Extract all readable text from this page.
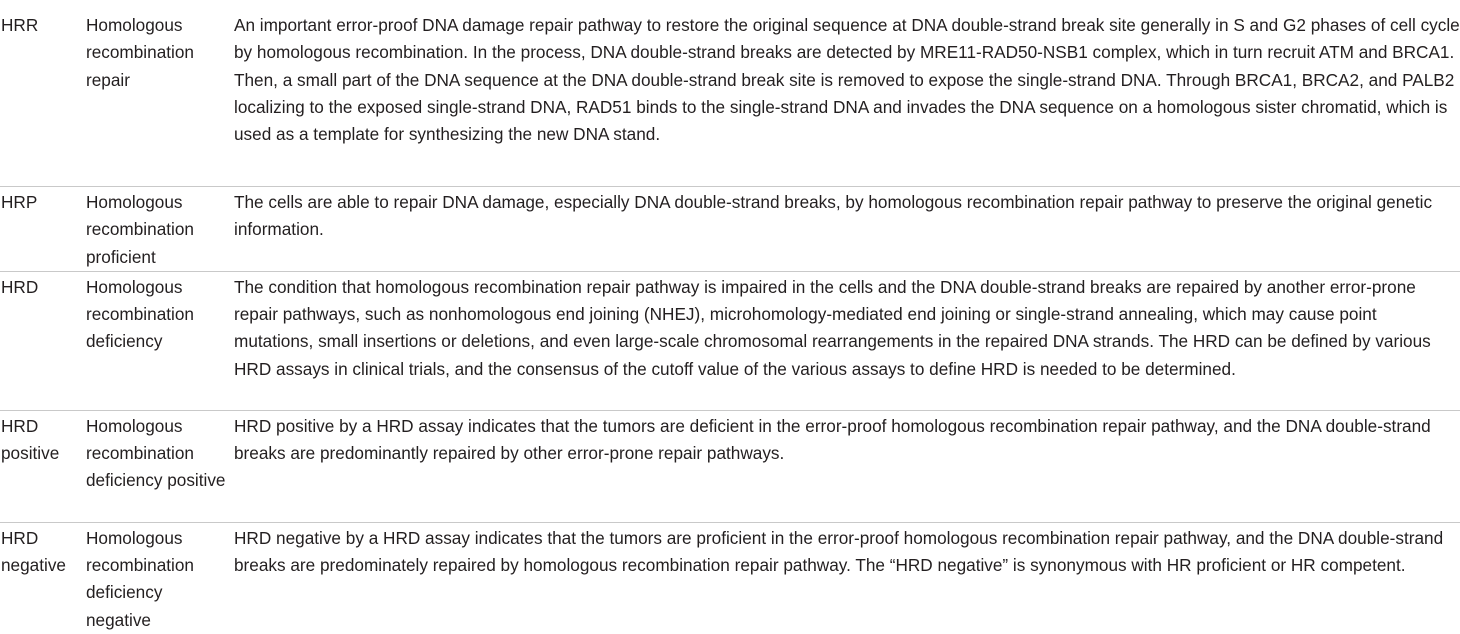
HRR	Homologous recombination repair	An important error-proof DNA damage repair pathway to restore the original sequence at DNA double-strand break site generally in S and G2 phases of cell cycle by homologous recombination. In the process, DNA double-strand breaks are detected by MRE11-RAD50-NSB1 complex, which in turn recruit ATM and BRCA1. Then, a small part of the DNA sequence at the DNA double-strand break site is removed to expose the single-strand DNA. Through BRCA1, BRCA2, and PALB2 localizing to the exposed single-strand DNA, RAD51 binds to the single-strand DNA and invades the DNA sequence on a homologous sister chromatid, which is used as a template for synthesizing the new DNA stand.
HRP	Homologous recombination proficient	The cells are able to repair DNA damage, especially DNA double-strand breaks, by homologous recombination repair pathway to preserve the original genetic information.
HRD	Homologous recombination deficiency	The condition that homologous recombination repair pathway is impaired in the cells and the DNA double-strand breaks are repaired by another error-prone repair pathways, such as nonhomologous end joining (NHEJ), microhomology-mediated end joining or single-strand annealing, which may cause point mutations, small insertions or deletions, and even large-scale chromosomal rearrangements in the repaired DNA strands. The HRD can be defined by various HRD assays in clinical trials, and the consensus of the cutoff value of the various assays to define HRD is needed to be determined.
HRD positive	Homologous recombination deficiency positive	HRD positive by a HRD assay indicates that the tumors are deficient in the error-proof homologous recombination repair pathway, and the DNA double-strand breaks are predominantly repaired by other error-prone repair pathways.
HRD negative	Homologous recombination deficiency negative	HRD negative by a HRD assay indicates that the tumors are proficient in the error-proof homologous recombination repair pathway, and the DNA double-strand breaks are predominately repaired by homologous recombination repair pathway. The “HRD negative” is synonymous with HR proficient or HR competent.
